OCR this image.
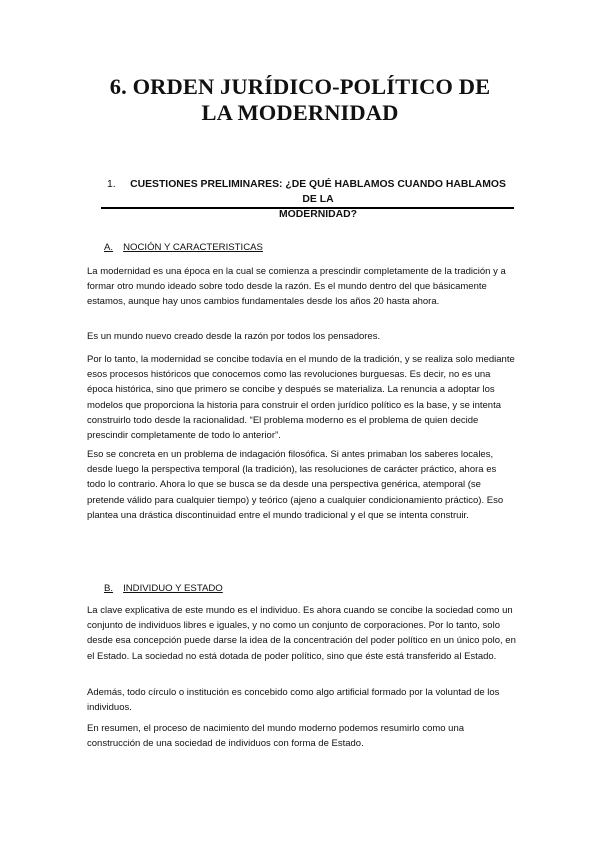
6. ORDEN JURÍDICO-POLÍTICO DE
LA MODERNIDAD
1.	CUESTIONES PRELIMINARES: ¿DE QUÉ HABLAMOS CUANDO HABLAMOS DE LA
MODERNIDAD?
A. NOCIÓN Y CARACTERISTICAS

La modernidad es una época en la cual se comienza a prescindir completamente de la tradición y a formar otro mundo ideado sobre todo desde la razón. Es el mundo dentro del que básicamente estamos, aunque hay unos cambios fundamentales desde los años 20 hasta ahora.

Es un mundo nuevo creado desde la razón por todos los pensadores.

Por lo tanto, la modernidad se concibe todavía en el mundo de la tradición, y se realiza solo mediante esos procesos históricos que conocemos como las revoluciones burguesas. Es decir, no es una época histórica, sino que primero se concibe y después se materializa. La renuncia a adoptar los modelos que proporciona la historia para construir el orden jurídico político es la base, y se intenta construirlo todo desde la racionalidad. “El problema moderno es el problema de quien decide prescindir completamente de todo lo anterior”.

Eso se concreta en un problema de indagación filosófica. Si antes primaban los saberes locales, desde luego la perspectiva temporal (la tradición), las resoluciones de carácter práctico, ahora es todo lo contrario. Ahora lo que se busca se da desde una perspectiva genérica, atemporal (se pretende válido para cualquier tiempo) y teórico (ajeno a cualquier condicionamiento práctico). Eso plantea una drástica discontinuidad entre el mundo tradicional y el que se intenta construir.

B. INDIVIDUO Y ESTADO

La clave explicativa de este mundo es el individuo. Es ahora cuando se concibe la sociedad como un conjunto de individuos libres e iguales, y no como un conjunto de corporaciones. Por lo tanto, solo desde esa concepción puede darse la idea de la concentración del poder político en un único polo, en el Estado. La sociedad no está dotada de poder político, sino que éste está transferido al Estado.

Además, todo círculo o institución es concebido como algo artificial formado por la voluntad de los individuos.

En resumen, el proceso de nacimiento del mundo moderno podemos resumirlo como una construcción de una sociedad de individuos con forma de Estado.
